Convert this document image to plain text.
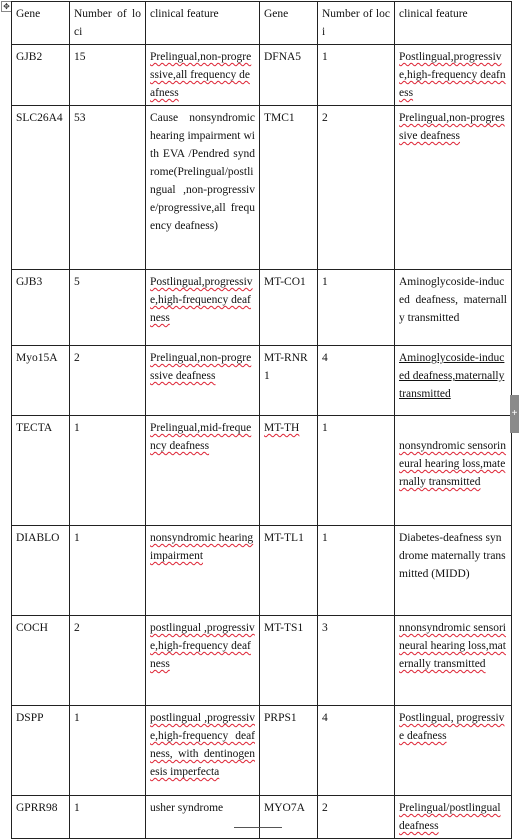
✥
Gene	Number of loci	clinical feature	Gene	Number of loci	clinical feature
GJB2	15	Prelingual,non-progressive,all frequency deafness	DFNA5	1	Postlingual,progressive,high-frequency deafness
SLC26A4	53	Cause nonsyndromic hearing impairment with EVA /Pendred syndrome(Prelingual/postlingual ,non-progressive/progressive,all frequency deafness)	TMC1	2	Prelingual,non-progressive deafness
GJB3	5	Postlingual,progressive,high-frequency deafness	MT-CO1	1	Aminoglycoside-induced deafness, maternally transmitted
Myo15A	2	Prelingual,non-progressive deafness	MT-RNR1	4	Aminoglycoside-induced deafness,maternally transmitted
TECTA	1	Prelingual,mid-frequency deafness	MT-TH	1	nonsyndromic sensorineural hearing loss,maternally transmitted
DIABLO	1	nonsyndromic hearing impairment	MT-TL1	1	Diabetes-deafness syndrome maternally transmitted (MIDD)
COCH	2	postlingual ,progressive,high-frequency deafness	MT-TS1	3	nnonsyndromic sensorineural hearing loss,maternally transmitted
DSPP	1	postlingual ,progressive,high-frequency deafness, with dentinogenesis imperfecta	PRPS1	4	Postlingual, progressive deafness
GPRR98	1	usher syndrome	MYO7A	2	Prelingual/postlingual deafness
+
